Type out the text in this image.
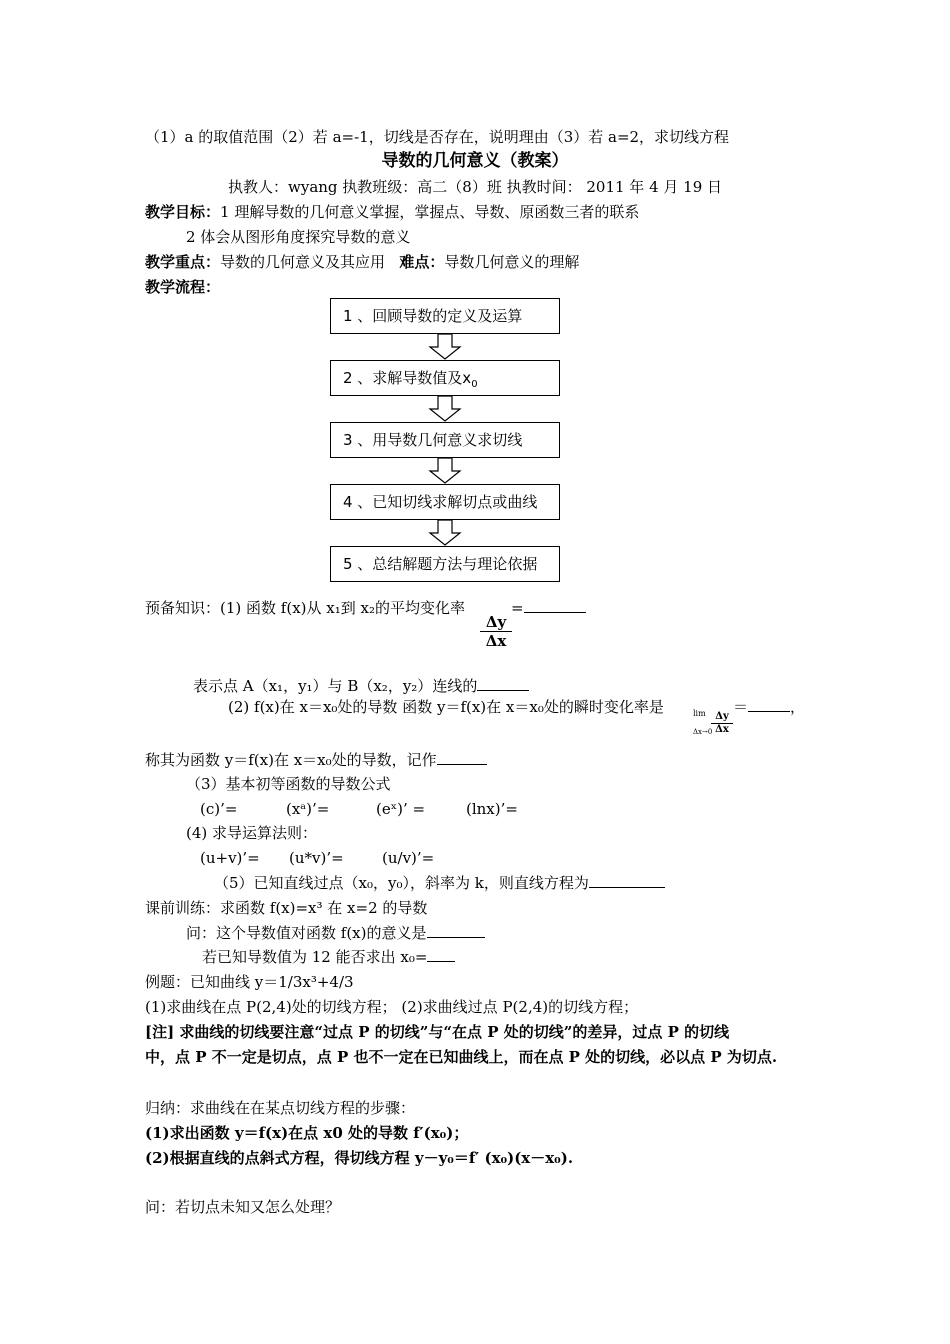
（1）a 的取值范围（2）若 a=-1，切线是否存在，说明理由（3）若 a=2，求切线方程
导数的几何意义（教案）
执教人：wyang 执教班级：高二（8）班 执教时间： 2011 年 4 月 19 日
教学目标：1 理解导数的几何意义掌握，掌握点、导数、原函数三者的联系
2 体会从图形角度探究导数的意义
教学重点：导数的几何意义及其应用 难点：导数几何意义的理解
教学流程：
1 、回顾导数的定义及运算
2 、求解导数值及$x_0$
3 、用导数几何意义求切线
4 、已知切线求解切点或曲线
5 、总结解题方法与理论依据
预备知识：(1) 函数 f(x)从 x₁到 x₂的平均变化率	=
$\frac{\Delta y}{\Delta x}$
表示点 A（x₁，y₁）与 B（x₂，y₂）连线的
(2) f(x)在 x＝x₀处的导数 函数 y＝f(x)在 x＝x₀处的瞬时变化率是	lim
Δx→0
$\frac{\Delta y}{\Delta x}$
＝	，
称其为函数 y＝f(x)在 x＝x₀处的导数，记作
（3）基本初等函数的导数公式
(c)’=	(xᵃ)’=	(eˣ)’ =	(lnx)’=
(4) 求导运算法则：
(u+v)’= (u*v)’=	(u/v)’=
（5）已知直线过点（x₀，y₀），斜率为 k，则直线方程为
课前训练：求函数 f(x)=x³ 在 x=2 的导数
问：这个导数值对函数 f(x)的意义是
若已知导数值为 12 能否求出 x₀=
例题：已知曲线 y＝1/3x³+4/3
(1)求曲线在点 P(2,4)处的切线方程； (2)求曲线过点 P(2,4)的切线方程；
[注] 求曲线的切线要注意“过点 P 的切线”与“在点 P 处的切线”的差异，过点 P 的切线
中，点 P 不一定是切点，点 P 也不一定在已知曲线上，而在点 P 处的切线，必以点 P 为切点.
归纳：求曲线在在某点切线方程的步骤：
(1)求出函数 y＝f(x)在点 x0 处的导数 f′(x₀)；
(2)根据直线的点斜式方程，得切线方程 y－y₀＝f′ (x₀)(x－x₀).
问：若切点未知又怎么处理？
